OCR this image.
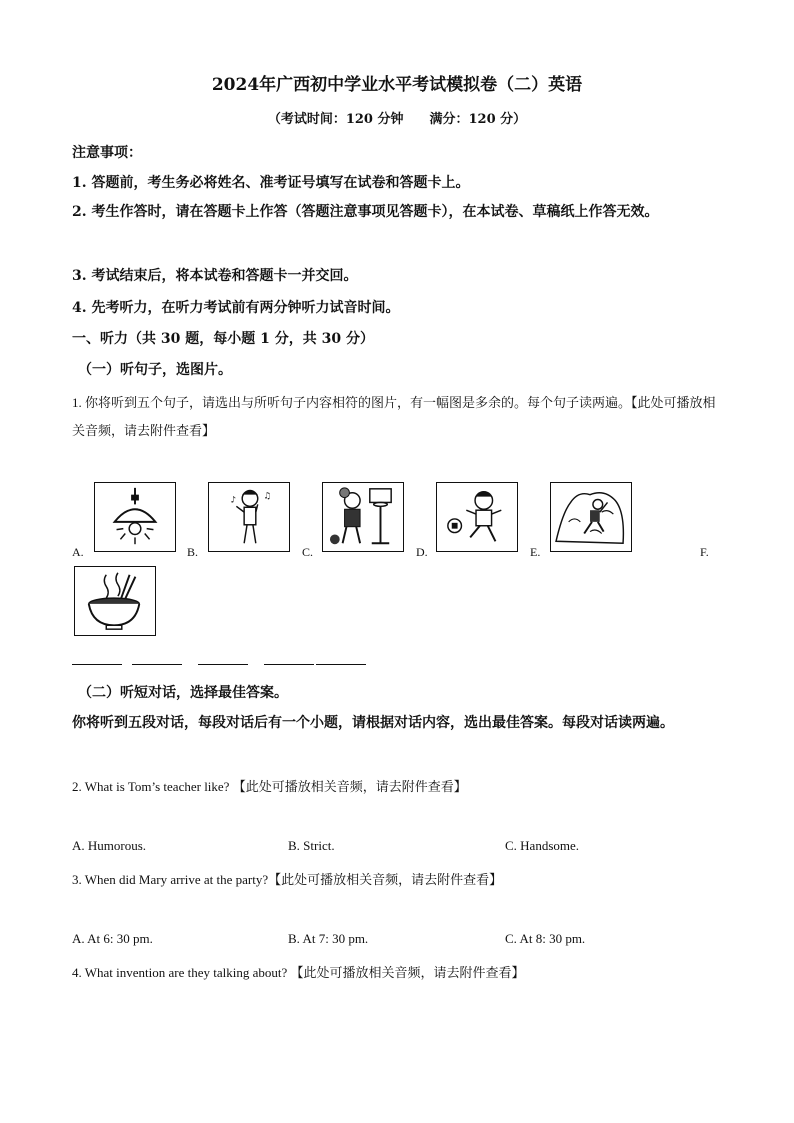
2024年广西初中学业水平考试模拟卷（二）英语
（考试时间：120 分钟　　满分：120 分）
注意事项：
1. 答题前，考生务必将姓名、准考证号填写在试卷和答题卡上。
2. 考生作答时，请在答题卡上作答（答题注意事项见答题卡），在本试卷、草稿纸上作答无效。
3. 考试结束后，将本试卷和答题卡一并交回。
4. 先考听力，在听力考试前有两分钟听力试音时间。
一、听力（共 30 题，每小题 1 分，共 30 分）
（一）听句子，选图片。
1. 你将听到五个句子，请选出与所听句子内容相符的图片，有一幅图是多余的。每个句子读两遍。【此处可播放相关音频，请去附件查看】
A.
♪	♫
B.	C.	D.	E.	F.
（二）听短对话，选择最佳答案。
你将听到五段对话，每段对话后有一个小题，请根据对话内容，选出最佳答案。每段对话读两遍。
2. What is Tom’s teacher like? 【此处可播放相关音频，请去附件查看】
A. Humorous.	B. Strict.	C. Handsome.
3. When did Mary arrive at the party?【此处可播放相关音频，请去附件查看】
A. At 6: 30 pm.	B. At 7: 30 pm.	C. At 8: 30 pm.
4. What invention are they talking about? 【此处可播放相关音频，请去附件查看】
